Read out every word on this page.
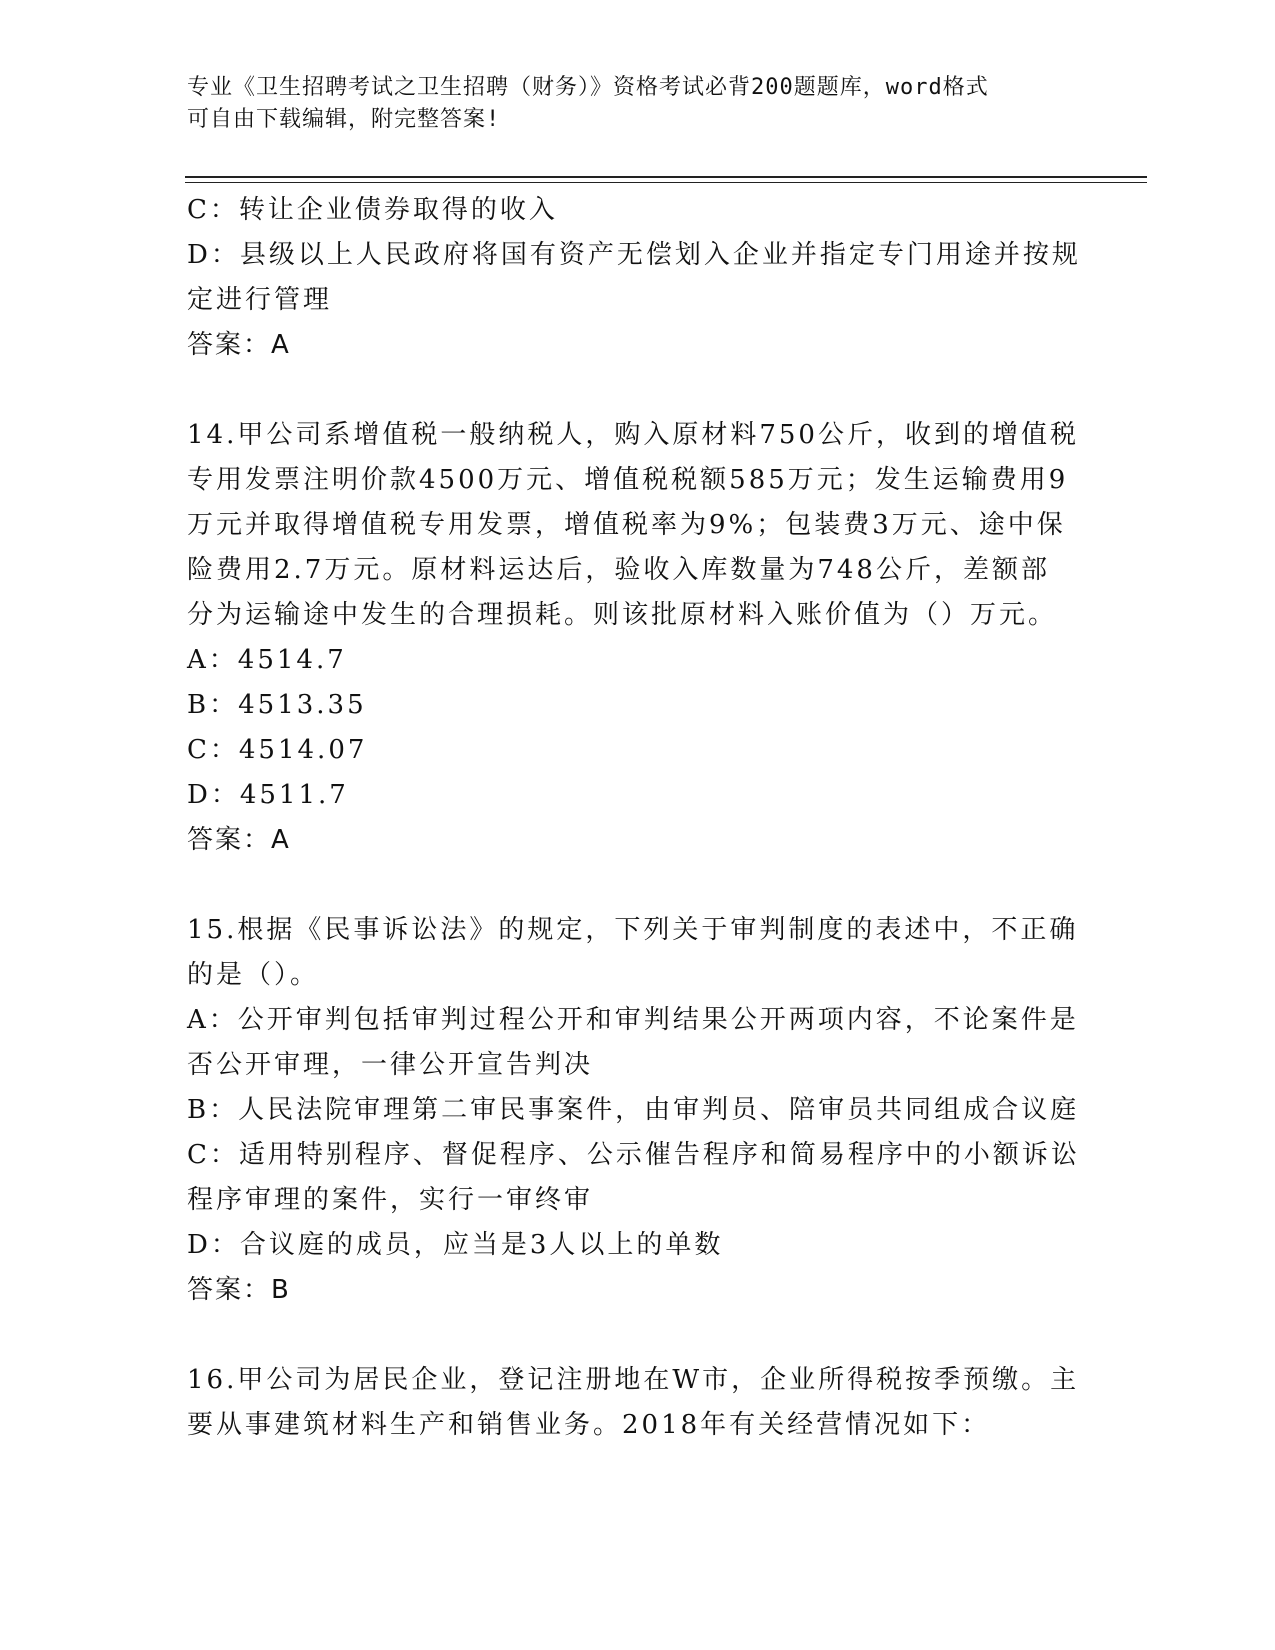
专业《卫生招聘考试之卫生招聘（财务）》资格考试必背200题题库，word格式
可自由下载编辑，附完整答案!
C：转让企业债券取得的收入
D：县级以上人民政府将国有资产无偿划入企业并指定专门用途并按规
定进行管理
答案：A
14.甲公司系增值税一般纳税人，购入原材料750公斤，收到的增值税
专用发票注明价款4500万元、增值税税额585万元；发生运输费用9
万元并取得增值税专用发票，增值税率为9%；包装费3万元、途中保
险费用2.7万元。原材料运达后，验收入库数量为748公斤，差额部
分为运输途中发生的合理损耗。则该批原材料入账价值为（）万元。
A：4514.7
B：4513.35
C：4514.07
D：4511.7
答案：A
15.根据《民事诉讼法》的规定，下列关于审判制度的表述中，不正确
的是（）。
A：公开审判包括审判过程公开和审判结果公开两项内容，不论案件是
否公开审理，一律公开宣告判决
B：人民法院审理第二审民事案件，由审判员、陪审员共同组成合议庭
C：适用特别程序、督促程序、公示催告程序和简易程序中的小额诉讼
程序审理的案件，实行一审终审
D：合议庭的成员，应当是3人以上的单数
答案：B
16.甲公司为居民企业，登记注册地在W市，企业所得税按季预缴。主
要从事建筑材料生产和销售业务。2018年有关经营情况如下：
